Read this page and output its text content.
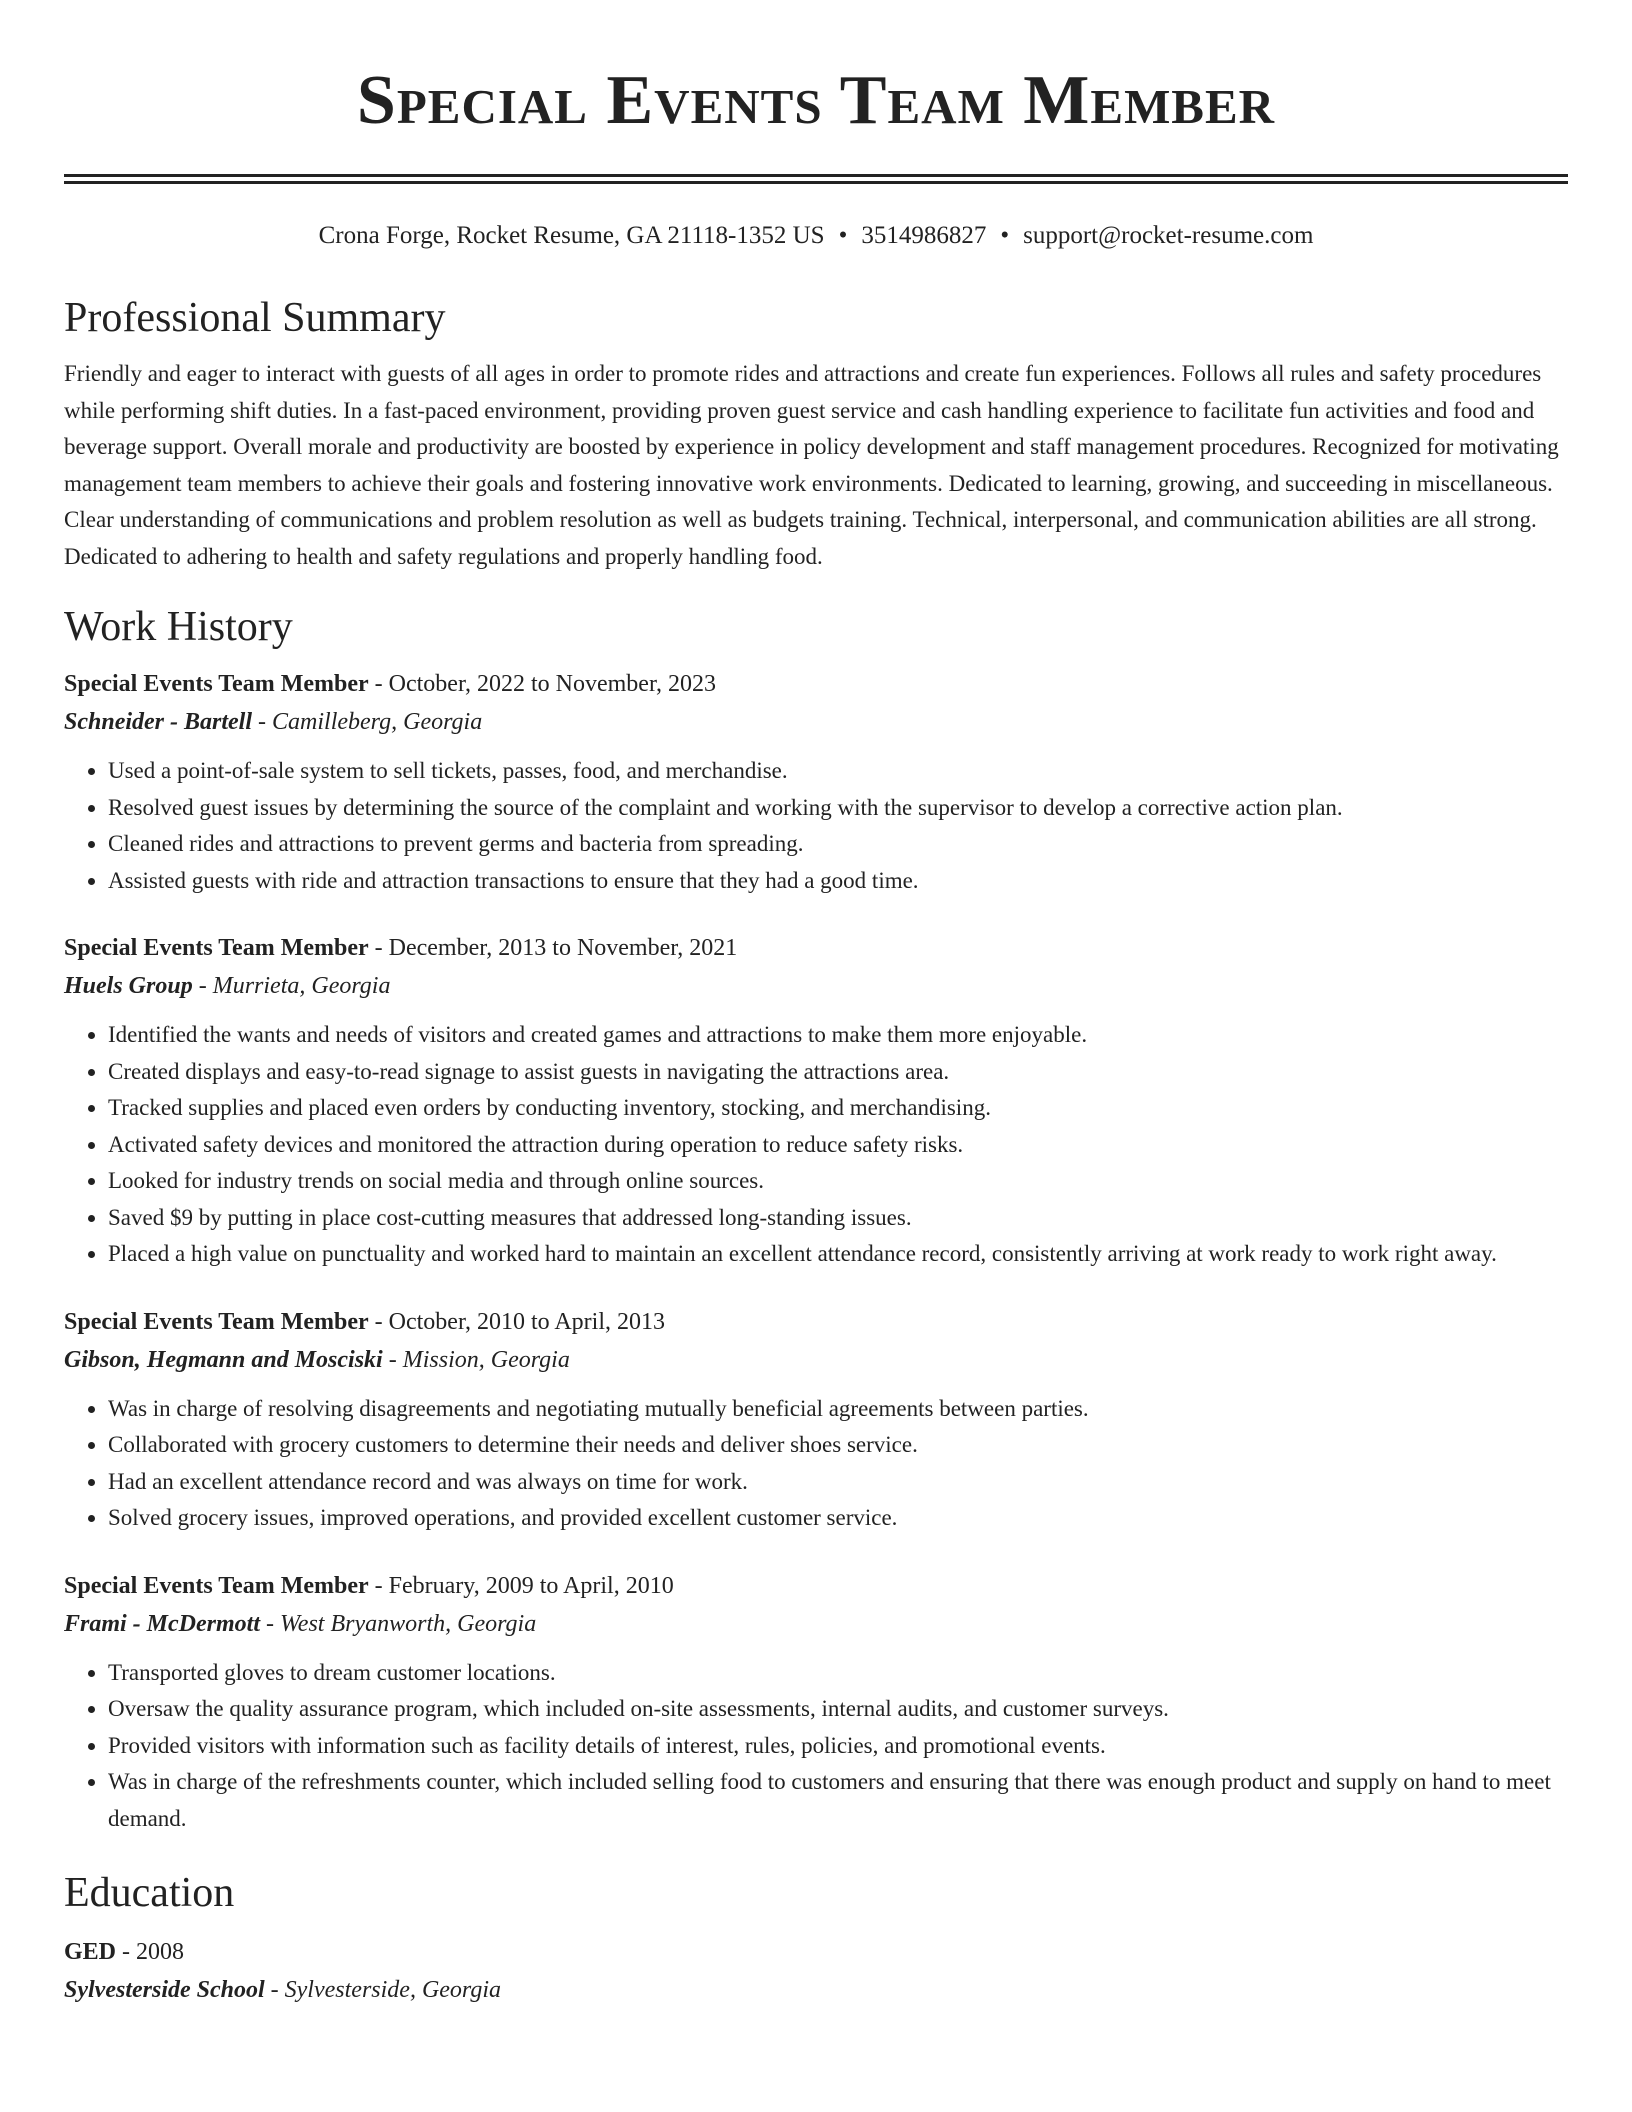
Special Events Team Member
Crona Forge, Rocket Resume, GA 21118-1352 US • 3514986827 • support@rocket-resume.com
Professional Summary

Friendly and eager to interact with guests of all ages in order to promote rides and attractions and create fun experiences. Follows all rules and safety procedures while performing shift duties. In a fast-paced environment, providing proven guest service and cash handling experience to facilitate fun activities and food and beverage support. Overall morale and productivity are boosted by experience in policy development and staff management procedures. Recognized for motivating management team members to achieve their goals and fostering innovative work environments. Dedicated to learning, growing, and succeeding in miscellaneous. Clear understanding of communications and problem resolution as well as budgets training. Technical, interpersonal, and communication abilities are all strong. Dedicated to adhering to health and safety regulations and properly handling food.

Work History
Special Events Team Member - October, 2022 to November, 2023
Schneider - Bartell - Camilleberg, Georgia
• Used a point-of-sale system to sell tickets, passes, food, and merchandise.
• Resolved guest issues by determining the source of the complaint and working with the supervisor to develop a corrective action plan.
• Cleaned rides and attractions to prevent germs and bacteria from spreading.
• Assisted guests with ride and attraction transactions to ensure that they had a good time.
Special Events Team Member - December, 2013 to November, 2021
Huels Group - Murrieta, Georgia
• Identified the wants and needs of visitors and created games and attractions to make them more enjoyable.
• Created displays and easy-to-read signage to assist guests in navigating the attractions area.
• Tracked supplies and placed even orders by conducting inventory, stocking, and merchandising.
• Activated safety devices and monitored the attraction during operation to reduce safety risks.
• Looked for industry trends on social media and through online sources.
• Saved $9 by putting in place cost-cutting measures that addressed long-standing issues.
• Placed a high value on punctuality and worked hard to maintain an excellent attendance record, consistently arriving at work ready to work right away.
Special Events Team Member - October, 2010 to April, 2013
Gibson, Hegmann and Mosciski - Mission, Georgia
• Was in charge of resolving disagreements and negotiating mutually beneficial agreements between parties.
• Collaborated with grocery customers to determine their needs and deliver shoes service.
• Had an excellent attendance record and was always on time for work.
• Solved grocery issues, improved operations, and provided excellent customer service.
Special Events Team Member - February, 2009 to April, 2010
Frami - McDermott - West Bryanworth, Georgia
• Transported gloves to dream customer locations.
• Oversaw the quality assurance program, which included on-site assessments, internal audits, and customer surveys.
• Provided visitors with information such as facility details of interest, rules, policies, and promotional events.
• Was in charge of the refreshments counter, which included selling food to customers and ensuring that there was enough product and supply on hand to meet demand.
Education
GED - 2008
Sylvesterside School - Sylvesterside, Georgia
